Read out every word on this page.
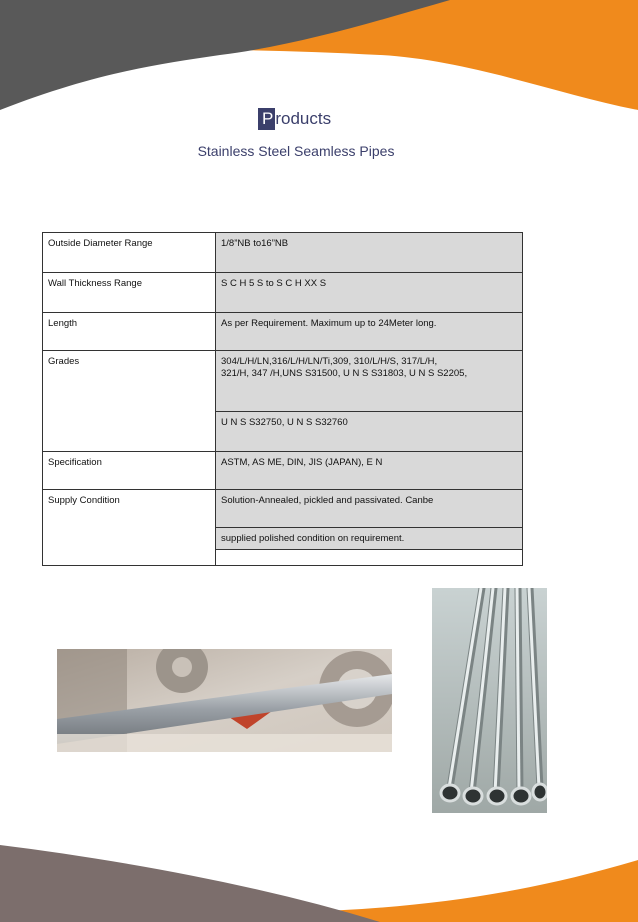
P roducts
Stainless Steel Seamless Pipes
Outside Diameter Range	1/8”NB to16”NB
Wall Thickness Range	S C H 5 S to S C H XX S
Length	As per Requirement. Maximum up to 24Meter long.
Grades	304/L/H/LN,316/L/H/LN/Ti,309, 310/L/H/S, 317/L/H,
321/H, 347 /H,UNS S31500, U N S S31803, U N S S2205,

	U N S S32750, U N S S32760
Specification	ASTM, AS ME, DIN, JIS (JAPAN), E N
Supply Condition	Solution-Annealed, pickled and passivated. Canbe
	supplied polished condition on requirement.
